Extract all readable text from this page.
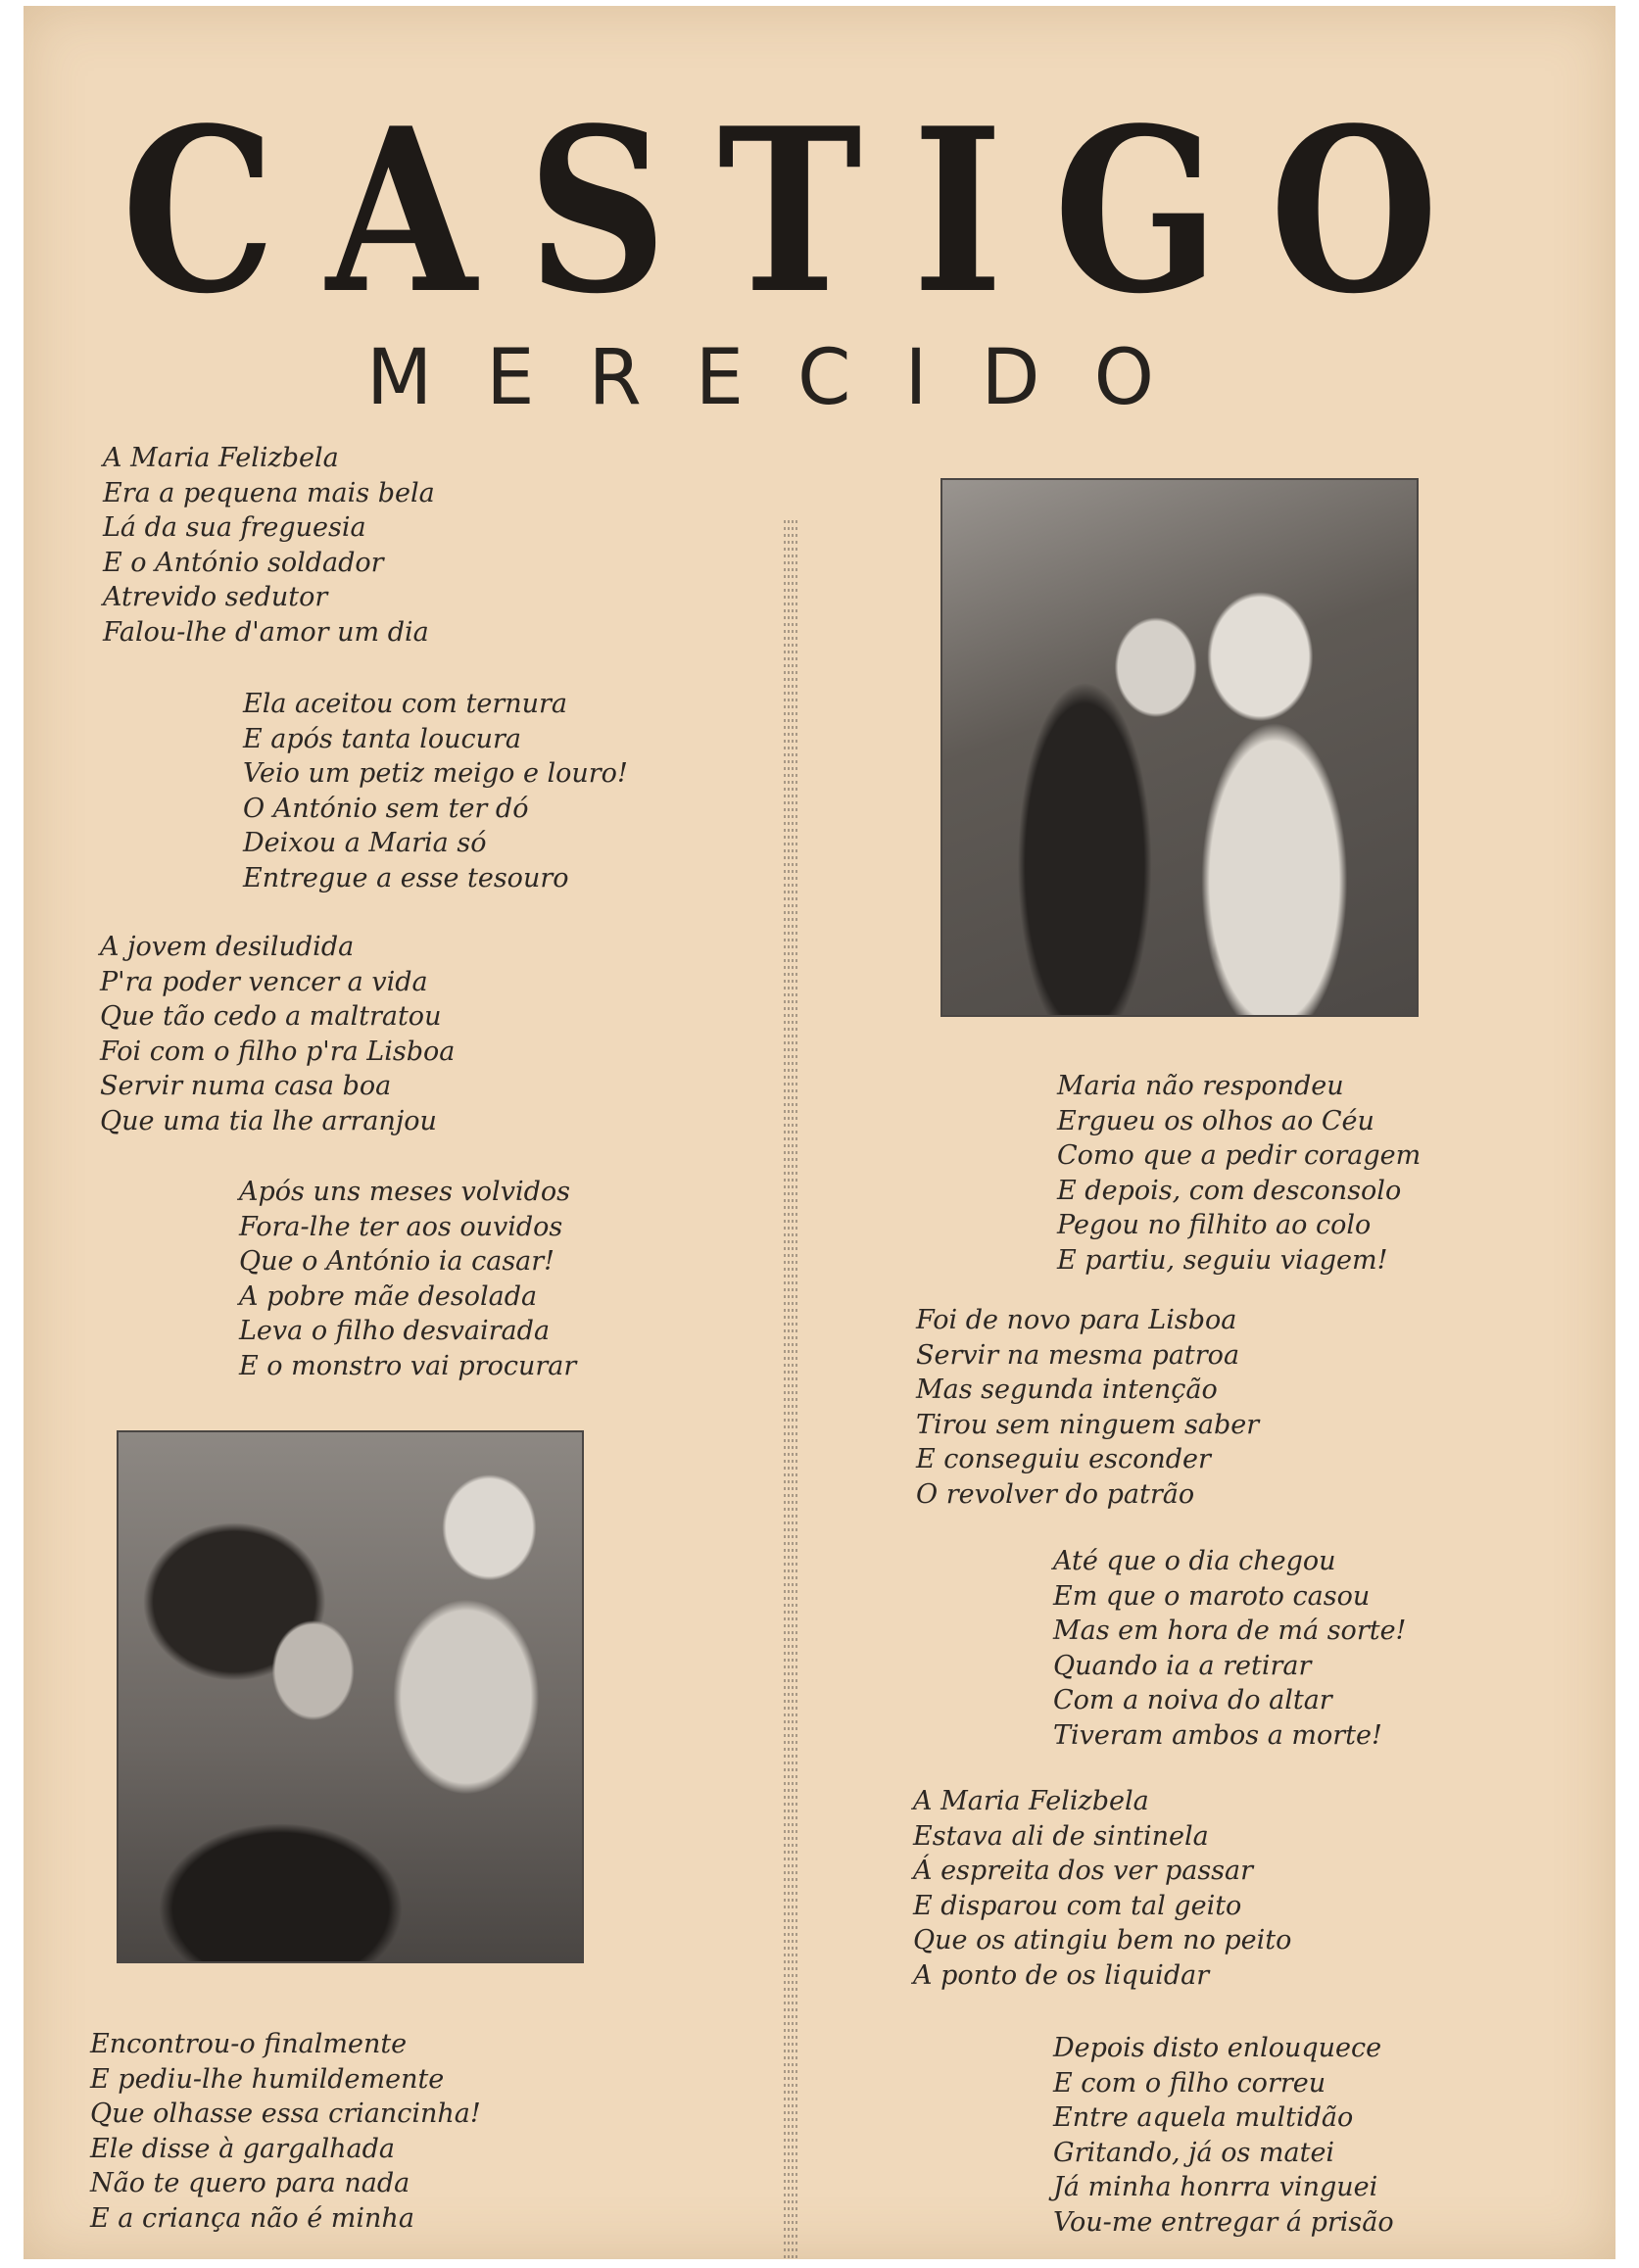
CASTIGO
MERECIDO

A Maria Felizbela
Era a pequena mais bela
Lá da sua freguesia
E o António soldador
Atrevido sedutor
Falou-lhe d'amor um dia

Ela aceitou com ternura
E após tanta loucura
Veio um petiz meigo e louro!
O António sem ter dó
Deixou a Maria só
Entregue a esse tesouro

A jovem desiludida
P'ra poder vencer a vida
Que tão cedo a maltratou
Foi com o filho p'ra Lisboa
Servir numa casa boa
Que uma tia lhe arranjou

Após uns meses volvidos
Fora-lhe ter aos ouvidos
Que o António ia casar!
A pobre mãe desolada
Leva o filho desvairada
E o monstro vai procurar

Encontrou-o finalmente
E pediu-lhe humildemente
Que olhasse essa criancinha!
Ele disse à gargalhada
Não te quero para nada
E a criança não é minha

Maria não respondeu
Ergueu os olhos ao Céu
Como que a pedir coragem
E depois, com desconsolo
Pegou no filhito ao colo
E partiu, seguiu viagem!

Foi de novo para Lisboa
Servir na mesma patroa
Mas segunda intenção
Tirou sem ninguem saber
E conseguiu esconder
O revolver do patrão

Até que o dia chegou
Em que o maroto casou
Mas em hora de má sorte!
Quando ia a retirar
Com a noiva do altar
Tiveram ambos a morte!

A Maria Felizbela
Estava ali de sintinela
Á espreita dos ver passar
E disparou com tal geito
Que os atingiu bem no peito
A ponto de os liquidar

Depois disto enlouquece
E com o filho correu
Entre aquela multidão
Gritando, já os matei
Já minha honrra vinguei
Vou-me entregar á prisão
